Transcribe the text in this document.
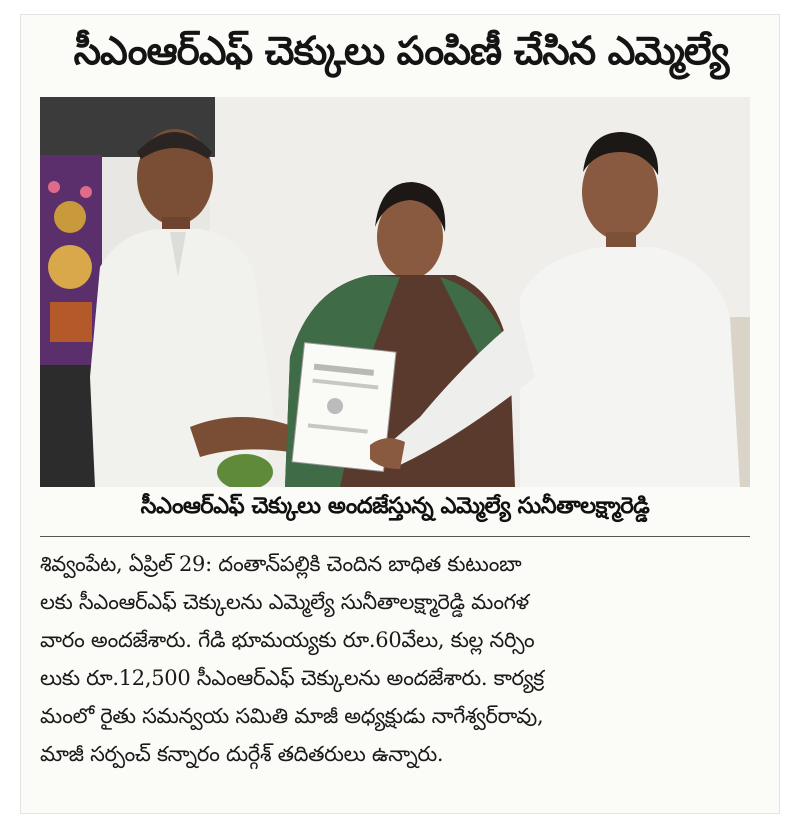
సీఎంఆర్‌ఎఫ్‌ చెక్కులు పంపిణీ చేసిన ఎమ్మెల్యే
సీఎంఆర్‌ఎఫ్‌ చెక్కులు అందజేస్తున్న ఎమ్మెల్యే సునీతాలక్ష్మారెడ్డి
శివ్వంపేట, ఏప్రిల్‌ 29: దంతాన్‌పల్లికి చెందిన బాధిత కుటుంబా
లకు సీఎంఆర్‌ఎఫ్‌ చెక్కులను ఎమ్మెల్యే సునీతాలక్ష్మారెడ్డి మంగళ
వారం అందజేశారు. గేడి భూమయ్యకు రూ.60వేలు, కుల్ల నర్సిం
లుకు రూ.12,500 సీఎంఆర్‌ఎఫ్‌ చెక్కులను అందజేశారు. కార్యక్ర
మంలో రైతు సమన్వయ సమితి మాజీ అధ్యక్షుడు నాగేశ్వర్‌రావు,
మాజీ సర్పంచ్‌ కన్నారం దుర్గేశ్‌ తదితరులు ఉన్నారు.
